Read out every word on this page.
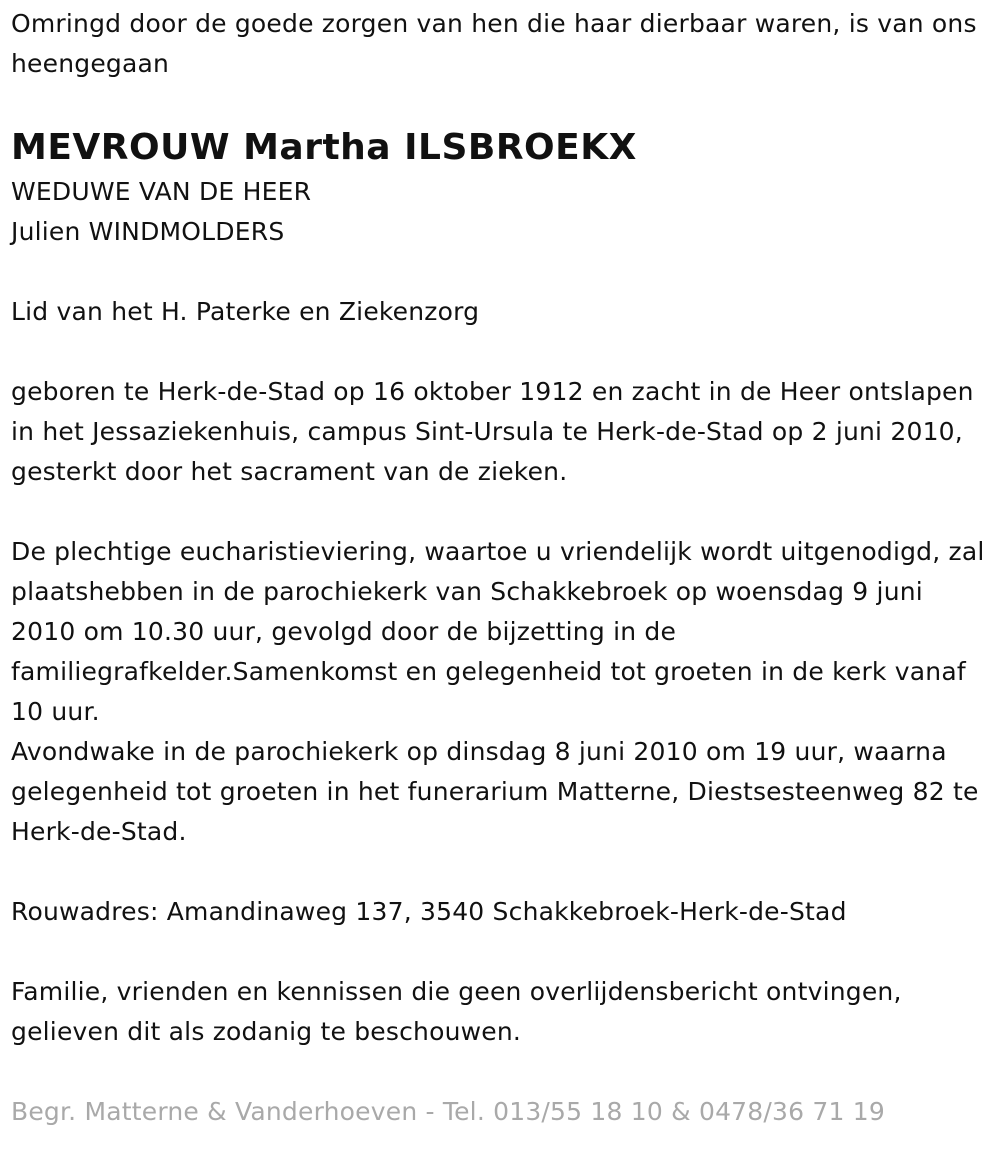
Omringd door de goede zorgen van hen die haar dierbaar waren, is van ons heengegaan

MEVROUW Martha ILSBROEKX

WEDUWE VAN DE HEER

Julien WINDMOLDERS

Lid van het H. Paterke en Ziekenzorg

geboren te Herk-de-Stad op 16 oktober 1912 en zacht in de Heer ontslapen in het Jessaziekenhuis, campus Sint-Ursula te Herk-de-Stad op 2 juni 2010, gesterkt door het sacrament van de zieken.

De plechtige eucharistieviering, waartoe u vriendelijk wordt uitgenodigd, zal plaatshebben in de parochiekerk van Schakkebroek op woensdag 9 juni 2010 om 10.30 uur, gevolgd door de bijzetting in de familiegrafkelder.Samenkomst en gelegenheid tot groeten in de kerk vanaf 10 uur.

Avondwake in de parochiekerk op dinsdag 8 juni 2010 om 19 uur, waarna gelegenheid tot groeten in het funerarium Matterne, Diestsesteenweg 82 te Herk-de-Stad.

Rouwadres: Amandinaweg 137, 3540 Schakkebroek-Herk-de-Stad

Familie, vrienden en kennissen die geen overlijdensbericht ontvingen, gelieven dit als zodanig te beschouwen.

Begr. Matterne & Vanderhoeven - Tel. 013/55 18 10 & 0478/36 71 19
